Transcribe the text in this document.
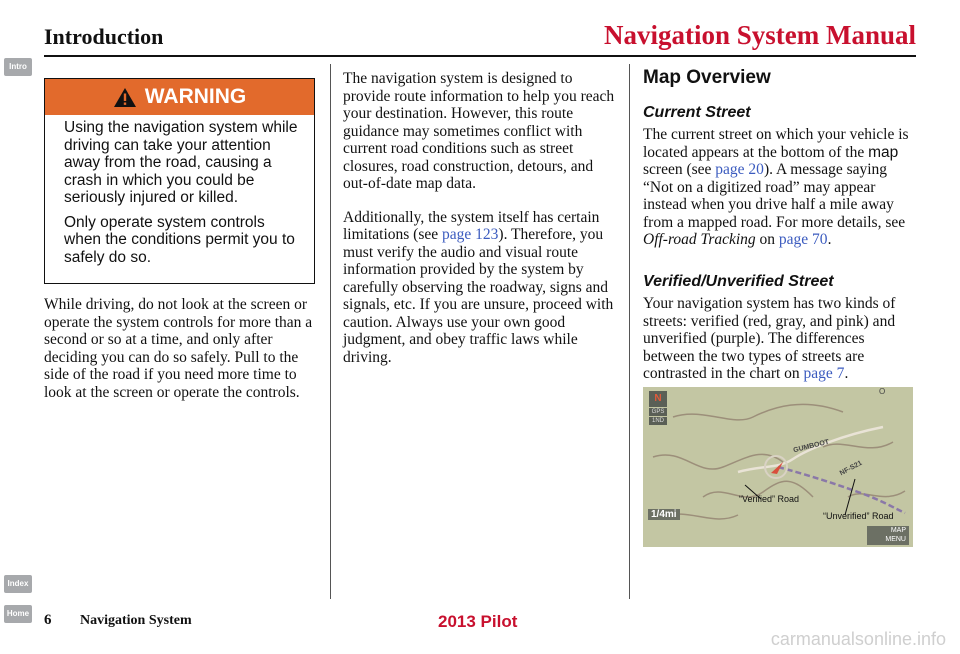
Introduction	Navigation System Manual
Intro
Index
Home
WARNING

Using the navigation system while driving can take your attention away from the road, causing a crash in which you could be seriously injured or killed.

Only operate system controls when the conditions permit you to safely do so.

While driving, do not look at the screen or operate the system controls for more than a second or so at a time, and only after deciding you can do so safely. Pull to the side of the road if you need more time to look at the screen or operate the controls.

The navigation system is designed to provide route information to help you reach your destination. However, this route guidance may sometimes conflict with current road conditions such as street closures, road construction, detours, and out-of-date map data.

Additionally, the system itself has certain limitations (see page 123). Therefore, you must verify the audio and visual route information provided by the system by carefully observing the roadway, signs and signals, etc. If you are unsure, proceed with caution. Always use your own good judgment, and obey traffic laws while driving.

Map Overview
Current Street

The current street on which your vehicle is located appears at the bottom of the map screen (see page 20). A message saying “Not on a digitized road” may appear instead when you drive half a mile away from a mapped road. For more details, see Off-road Tracking on page 70.

Verified/Unverified Street

Your navigation system has two kinds of streets: verified (red, gray, and pink) and unverified (purple). The differences between the two types of streets are contrasted in the chart on page 7.

N
GPS
1ND
GUMBOOT
NF-S21
“Verified” Road
“Unverified” Road
1/4mi
MAP
MENU
O
6 Navigation System	2013 Pilot
carmanualsonline.info
